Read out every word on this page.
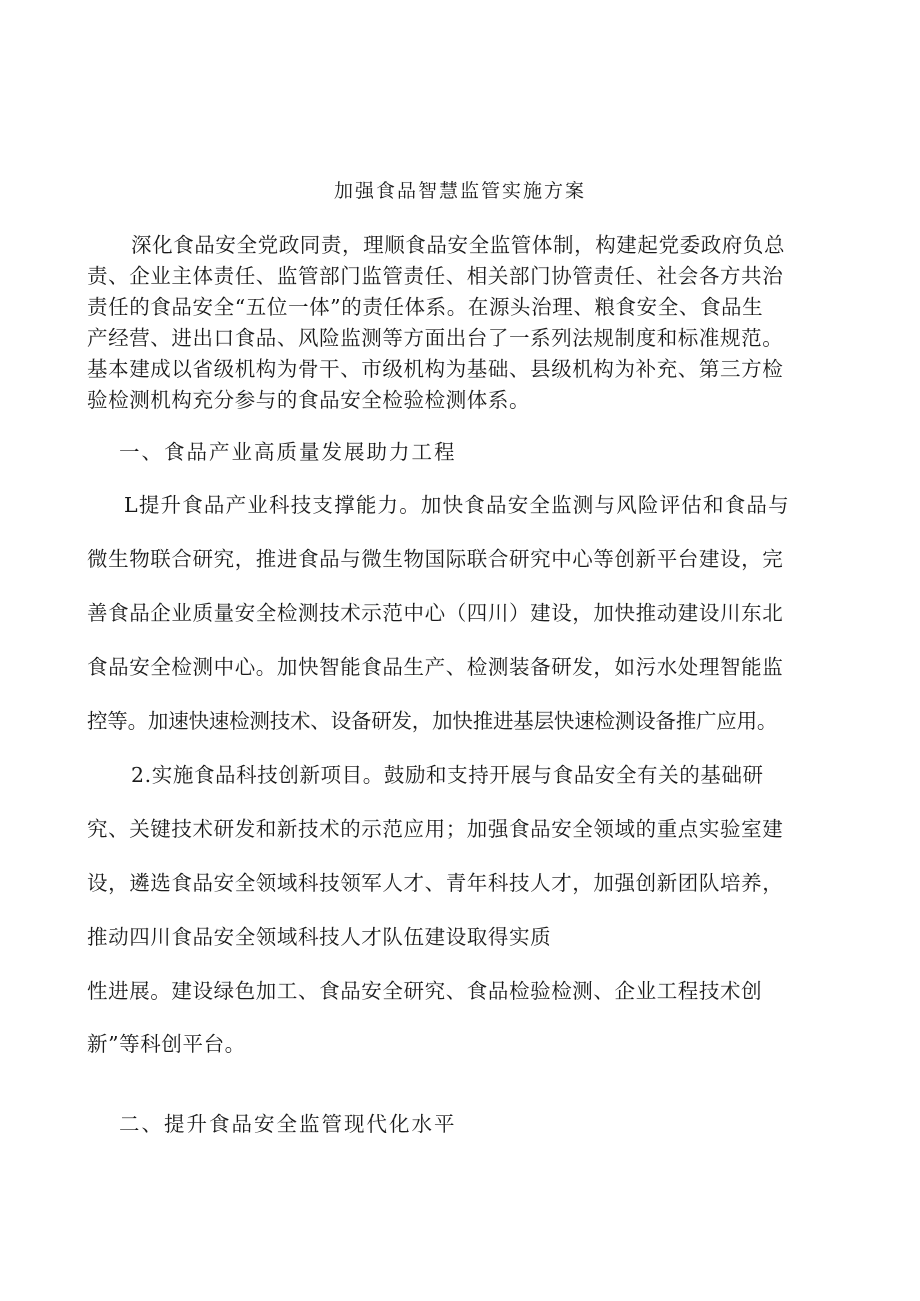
加强食品智慧监管实施方案
深化食品安全党政同责，理顺食品安全监管体制，构建起党委政府负总
责、企业主体责任、监管部门监管责任、相关部门协管责任、社会各方共治
责任的食品安全“五位一体”的责任体系。在源头治理、粮食安全、食品生
产经营、进出口食品、风险监测等方面出台了一系列法规制度和标准规范。
基本建成以省级机构为骨干、市级机构为基础、县级机构为补充、第三方检
验检测机构充分参与的食品安全检验检测体系。
一、食品产业高质量发展助力工程
L提升食品产业科技支撑能力。加快食品安全监测与风险评估和食品与
微生物联合研究，推进食品与微生物国际联合研究中心等创新平台建设，完
善食品企业质量安全检测技术示范中心（四川）建设，加快推动建设川东北
食品安全检测中心。加快智能食品生产、检测装备研发，如污水处理智能监
控等。加速快速检测技术、设备研发，加快推进基层快速检测设备推广应用。
2.实施食品科技创新项目。鼓励和支持开展与食品安全有关的基础研
究、关键技术研发和新技术的示范应用；加强食品安全领域的重点实验室建
设，遴选食品安全领域科技领军人才、青年科技人才，加强创新团队培养，
推动四川食品安全领域科技人才队伍建设取得实质
性进展。建设绿色加工、食品安全研究、食品检验检测、企业工程技术创
新”等科创平台。
二、提升食品安全监管现代化水平
